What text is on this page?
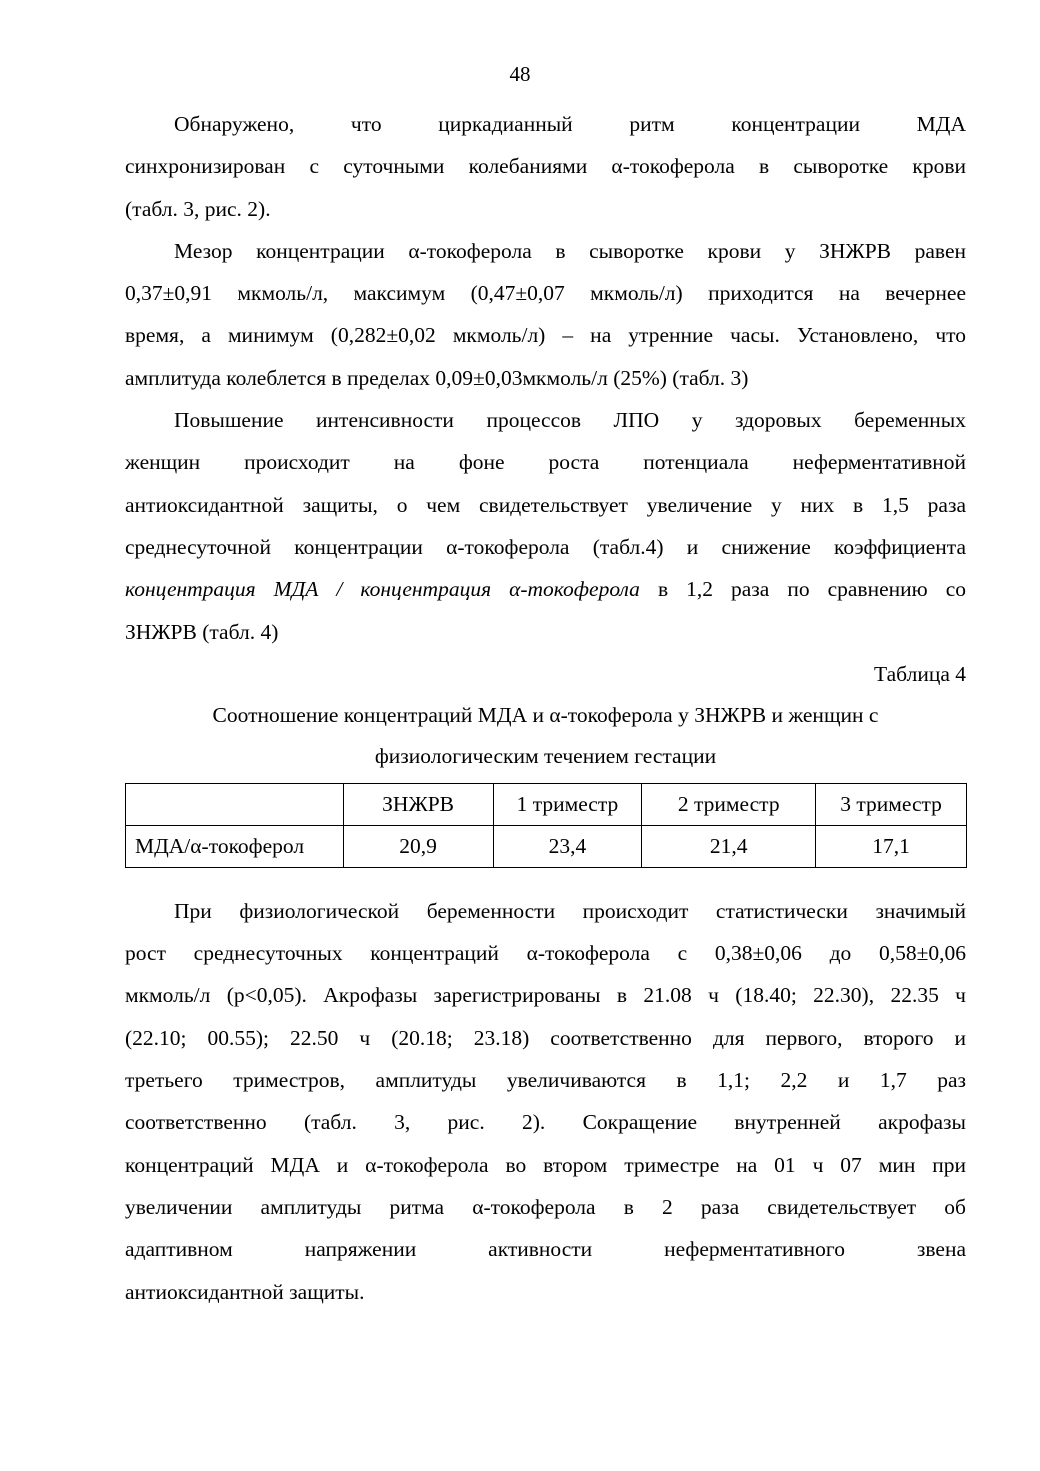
48

Обнаружено, что циркадианный ритм концентрации МДА
синхронизирован с суточными колебаниями α-токоферола в сыворотке крови
(табл. 3, рис. 2).

Мезор концентрации α-токоферола в сыворотке крови у ЗНЖРВ равен
0,37±0,91 мкмоль/л, максимум (0,47±0,07 мкмоль/л) приходится на вечернее
время, а минимум (0,282±0,02 мкмоль/л) – на утренние часы. Установлено, что
амплитуда колеблется в пределах 0,09±0,03мкмоль/л (25%) (табл. 3)

Повышение интенсивности процессов ЛПО у здоровых беременных
женщин происходит на фоне роста потенциала неферментативной
антиоксидантной защиты, о чем свидетельствует увеличение у них в 1,5 раза
среднесуточной концентрации α-токоферола (табл.4) и снижение коэффициента
концентрация МДА / концентрация α-токоферола в 1,2 раза по сравнению со
ЗНЖРВ (табл. 4)

Таблица 4
Соотношение концентраций МДА и α-токоферола у ЗНЖРВ и женщин с
физиологическим течением гестации
	ЗНЖРВ	1 триместр	2 триместр	3 триместр
МДА/α-токоферол	20,9	23,4	21,4	17,1

При физиологической беременности происходит статистически значимый
рост среднесуточных концентраций α-токоферола с 0,38±0,06 до 0,58±0,06
мкмоль/л (р<0,05). Акрофазы зарегистрированы в 21.08 ч (18.40; 22.30), 22.35 ч
(22.10; 00.55); 22.50 ч (20.18; 23.18) соответственно для первого, второго и
третьего триместров, амплитуды увеличиваются в 1,1; 2,2 и 1,7 раз
соответственно (табл. 3, рис. 2). Сокращение внутренней акрофазы
концентраций МДА и α-токоферола во втором триместре на 01 ч 07 мин при
увеличении амплитуды ритма α-токоферола в 2 раза свидетельствует об
адаптивном напряжении активности неферментативного звена
антиоксидантной защиты.
